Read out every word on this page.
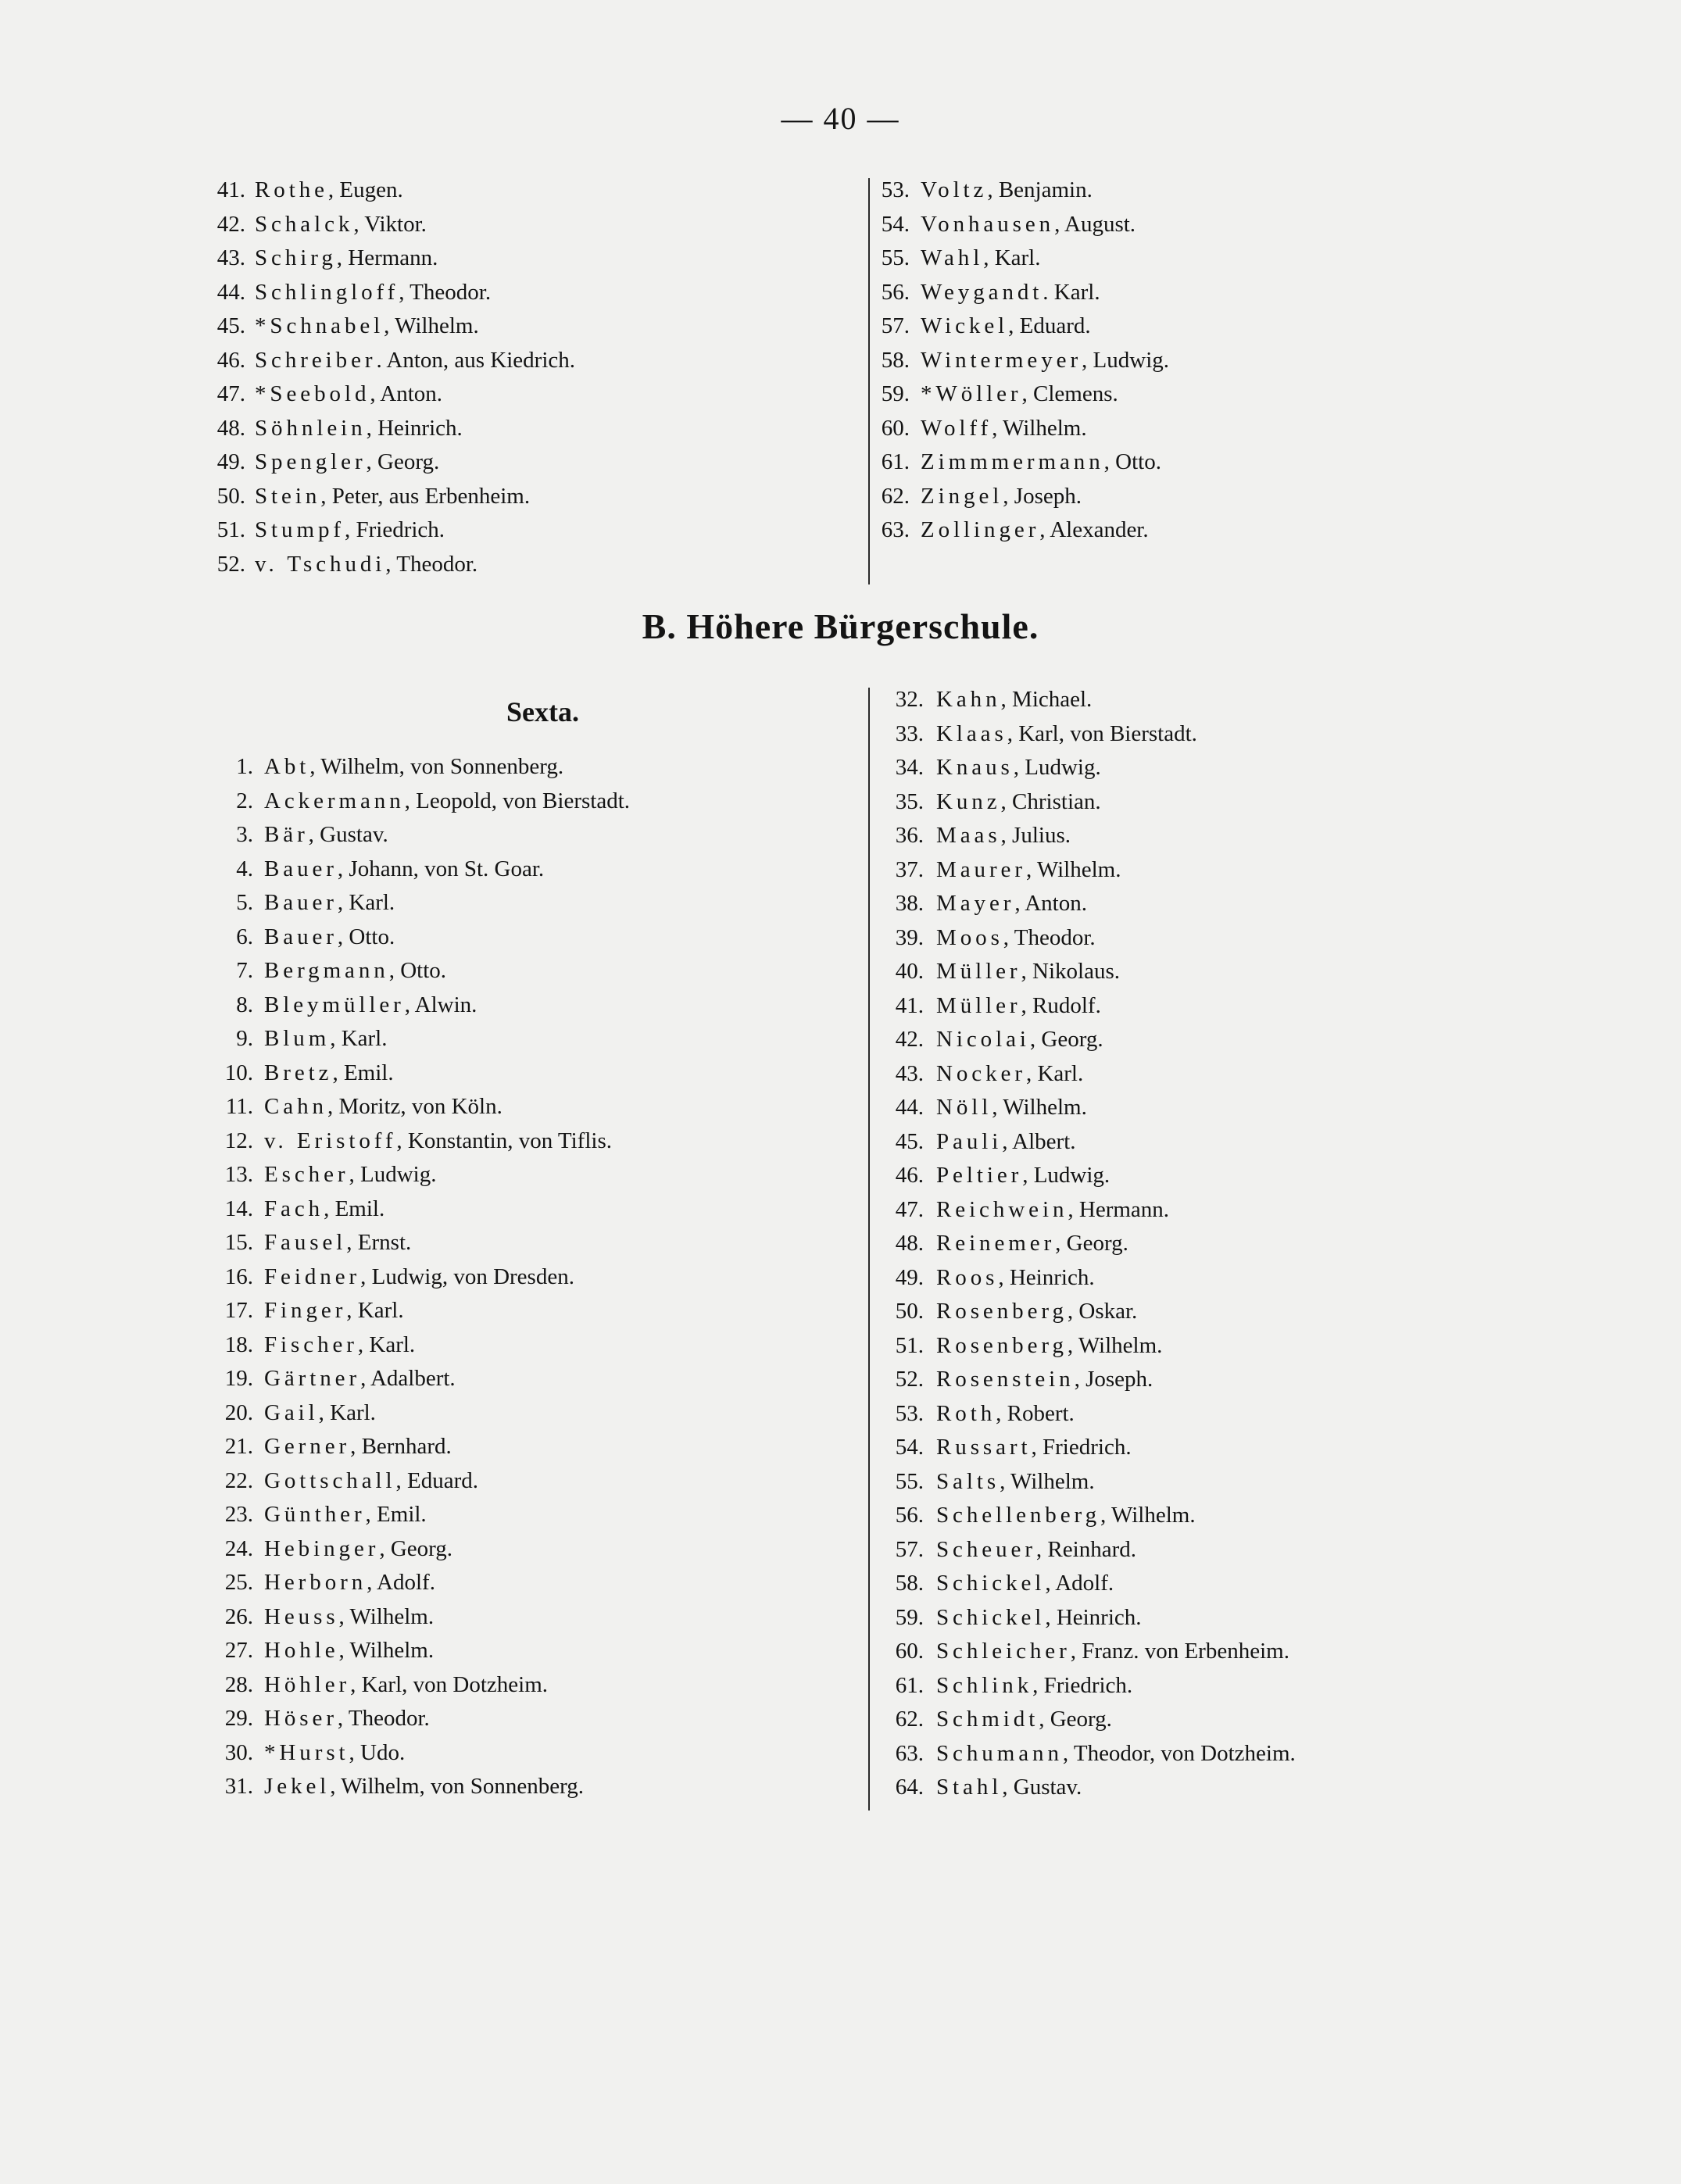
— 40 —
41. Rothe, Eugen.
42. Schalck, Viktor.
43. Schirg, Hermann.
44. Schlingloff, Theodor.
45. *Schnabel, Wilhelm.
46. Schreiber. Anton, aus Kiedrich.
47. *Seebold, Anton.
48. Söhnlein, Heinrich.
49. Spengler, Georg.
50. Stein, Peter, aus Erbenheim.
51. Stumpf, Friedrich.
52. v. Tschudi, Theodor.
53. Voltz, Benjamin.
54. Vonhausen, August.
55. Wahl, Karl.
56. Weygandt. Karl.
57. Wickel, Eduard.
58. Wintermeyer, Ludwig.
59. *Wöller, Clemens.
60. Wolff, Wilhelm.
61. Zimmmermann, Otto.
62. Zingel, Joseph.
63. Zollinger, Alexander.
B. Höhere Bürgerschule.
Sexta.
1. Abt, Wilhelm, von Sonnenberg.
2. Ackermann, Leopold, von Bierstadt.
3. Bär, Gustav.
4. Bauer, Johann, von St. Goar.
5. Bauer, Karl.
6. Bauer, Otto.
7. Bergmann, Otto.
8. Bleymüller, Alwin.
9. Blum, Karl.
10. Bretz, Emil.
11. Cahn, Moritz, von Köln.
12. v. Eristoff, Konstantin, von Tiflis.
13. Escher, Ludwig.
14. Fach, Emil.
15. Fausel, Ernst.
16. Feidner, Ludwig, von Dresden.
17. Finger, Karl.
18. Fischer, Karl.
19. Gärtner, Adalbert.
20. Gail, Karl.
21. Gerner, Bernhard.
22. Gottschall, Eduard.
23. Günther, Emil.
24. Hebinger, Georg.
25. Herborn, Adolf.
26. Heuss, Wilhelm.
27. Hohle, Wilhelm.
28. Höhler, Karl, von Dotzheim.
29. Höser, Theodor.
30. *Hurst, Udo.
31. Jekel, Wilhelm, von Sonnenberg.
32. Kahn, Michael.
33. Klaas, Karl, von Bierstadt.
34. Knaus, Ludwig.
35. Kunz, Christian.
36. Maas, Julius.
37. Maurer, Wilhelm.
38. Mayer, Anton.
39. Moos, Theodor.
40. Müller, Nikolaus.
41. Müller, Rudolf.
42. Nicolai, Georg.
43. Nocker, Karl.
44. Nöll, Wilhelm.
45. Pauli, Albert.
46. Peltier, Ludwig.
47. Reichwein, Hermann.
48. Reinemer, Georg.
49. Roos, Heinrich.
50. Rosenberg, Oskar.
51. Rosenberg, Wilhelm.
52. Rosenstein, Joseph.
53. Roth, Robert.
54. Russart, Friedrich.
55. Salts, Wilhelm.
56. Schellenberg, Wilhelm.
57. Scheuer, Reinhard.
58. Schickel, Adolf.
59. Schickel, Heinrich.
60. Schleicher, Franz. von Erbenheim.
61. Schlink, Friedrich.
62. Schmidt, Georg.
63. Schumann, Theodor, von Dotzheim.
64. Stahl, Gustav.
